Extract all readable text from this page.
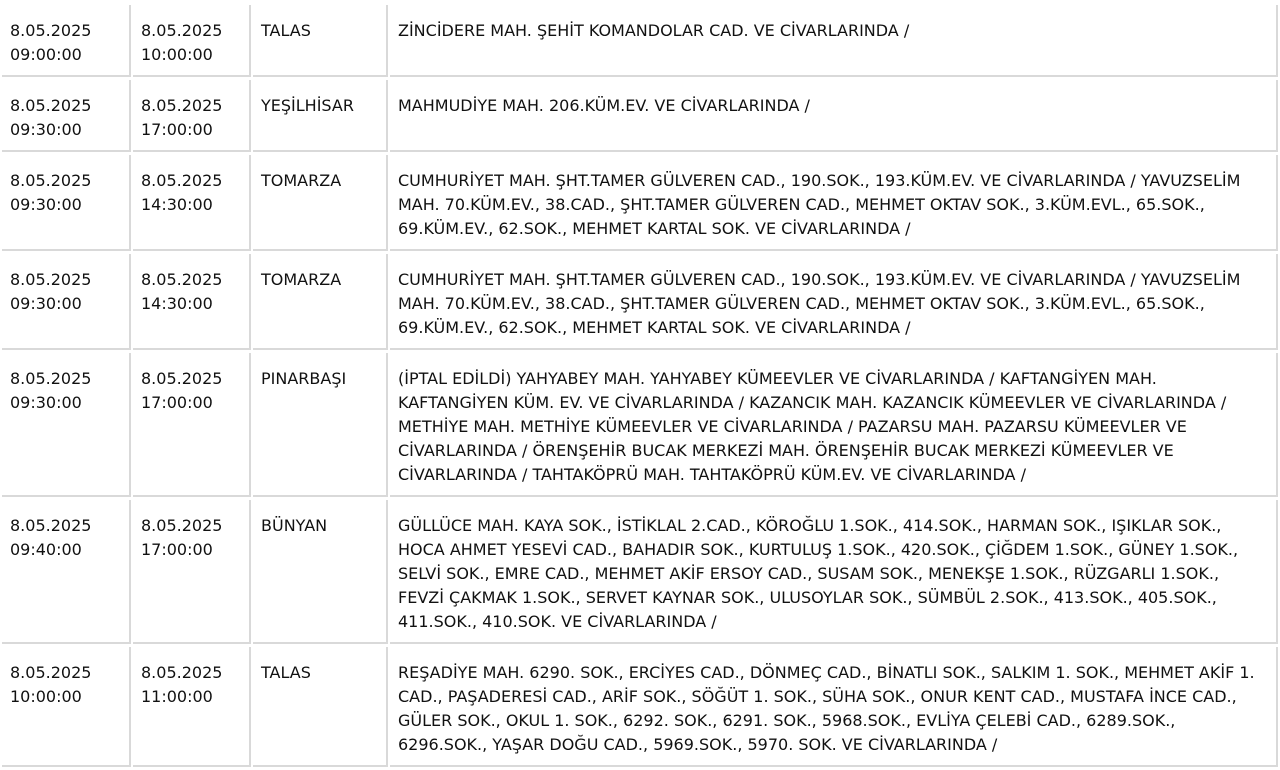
8.05.2025
09:00:00	8.05.2025
10:00:00	TALAS	ZİNCİDERE MAH. ŞEHİT KOMANDOLAR CAD. VE CİVARLARINDA /

8.05.2025
09:30:00	8.05.2025
17:00:00	YEŞİLHİSAR	MAHMUDİYE MAH. 206.KÜM.EV. VE CİVARLARINDA /

8.05.2025
09:30:00	8.05.2025
14:30:00	TOMARZA	CUMHURİYET MAH. ŞHT.TAMER GÜLVEREN CAD., 190.SOK., 193.KÜM.EV. VE CİVARLARINDA / YAVUZSELİM MAH. 70.KÜM.EV., 38.CAD., ŞHT.TAMER GÜLVEREN CAD., MEHMET OKTAV SOK., 3.KÜM.EVL., 65.SOK., 69.KÜM.EV., 62.SOK., MEHMET KARTAL SOK. VE CİVARLARINDA /

8.05.2025
09:30:00	8.05.2025
14:30:00	TOMARZA	CUMHURİYET MAH. ŞHT.TAMER GÜLVEREN CAD., 190.SOK., 193.KÜM.EV. VE CİVARLARINDA / YAVUZSELİM MAH. 70.KÜM.EV., 38.CAD., ŞHT.TAMER GÜLVEREN CAD., MEHMET OKTAV SOK., 3.KÜM.EVL., 65.SOK., 69.KÜM.EV., 62.SOK., MEHMET KARTAL SOK. VE CİVARLARINDA /

8.05.2025
09:30:00	8.05.2025
17:00:00	PINARBAŞI	(İPTAL EDİLDİ) YAHYABEY MAH. YAHYABEY KÜMEEVLER VE CİVARLARINDA / KAFTANGİYEN MAH. KAFTANGİYEN KÜM. EV. VE CİVARLARINDA / KAZANCIK MAH. KAZANCIK KÜMEEVLER VE CİVARLARINDA / METHİYE MAH. METHİYE KÜMEEVLER VE CİVARLARINDA / PAZARSU MAH. PAZARSU KÜMEEVLER VE CİVARLARINDA / ÖRENŞEHİR BUCAK MERKEZİ MAH. ÖRENŞEHİR BUCAK MERKEZİ KÜMEEVLER VE CİVARLARINDA / TAHTAKÖPRÜ MAH. TAHTAKÖPRÜ KÜM.EV. VE CİVARLARINDA /

8.05.2025
09:40:00	8.05.2025
17:00:00	BÜNYAN	GÜLLÜCE MAH. KAYA SOK., İSTİKLAL 2.CAD., KÖROĞLU 1.SOK., 414.SOK., HARMAN SOK., IŞIKLAR SOK., HOCA AHMET YESEVİ CAD., BAHADIR SOK., KURTULUŞ 1.SOK., 420.SOK., ÇİĞDEM 1.SOK., GÜNEY 1.SOK., SELVİ SOK., EMRE CAD., MEHMET AKİF ERSOY CAD., SUSAM SOK., MENEKŞE 1.SOK., RÜZGARLI 1.SOK., FEVZİ ÇAKMAK 1.SOK., SERVET KAYNAR SOK., ULUSOYLAR SOK., SÜMBÜL 2.SOK., 413.SOK., 405.SOK., 411.SOK., 410.SOK. VE CİVARLARINDA /

8.05.2025
10:00:00	8.05.2025
11:00:00	TALAS	REŞADİYE MAH. 6290. SOK., ERCİYES CAD., DÖNMEÇ CAD., BİNATLI SOK., SALKIM 1. SOK., MEHMET AKİF 1. CAD., PAŞADERESİ CAD., ARİF SOK., SÖĞÜT 1. SOK., SÜHA SOK., ONUR KENT CAD., MUSTAFA İNCE CAD., GÜLER SOK., OKUL 1. SOK., 6292. SOK., 6291. SOK., 5968.SOK., EVLİYA ÇELEBİ CAD., 6289.SOK., 6296.SOK., YAŞAR DOĞU CAD., 5969.SOK., 5970. SOK. VE CİVARLARINDA /
